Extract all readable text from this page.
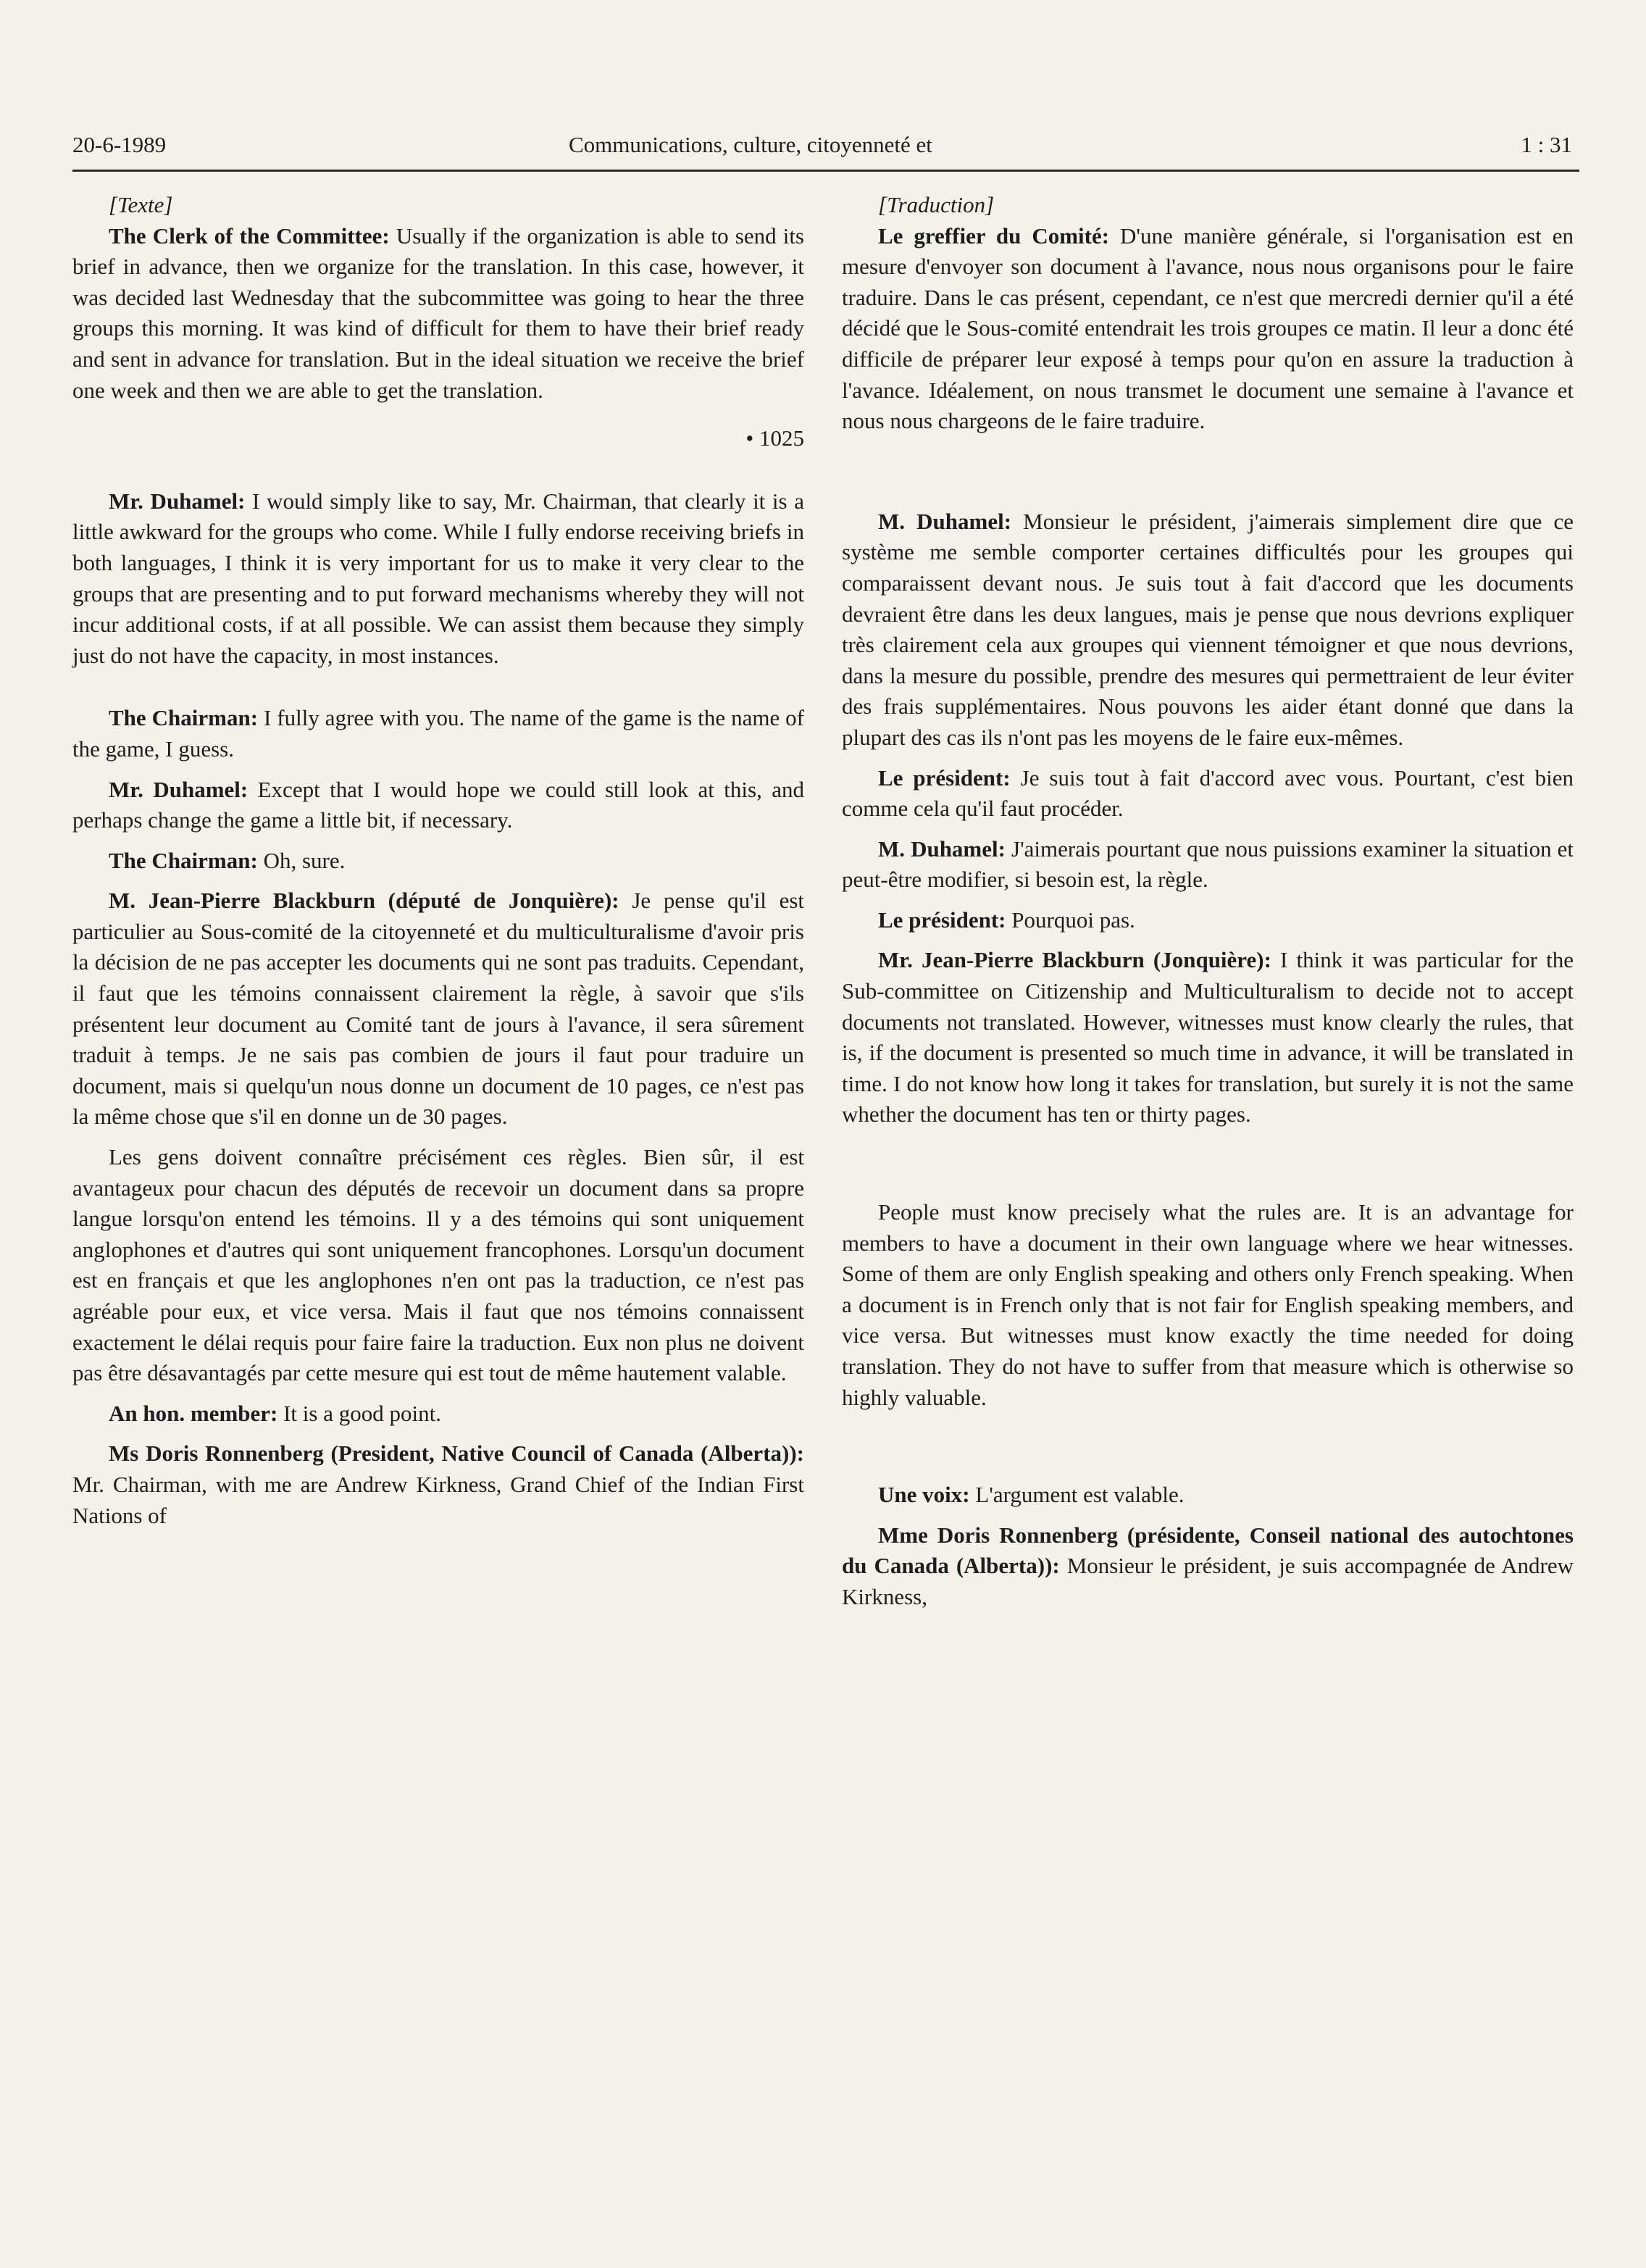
20-6-1989	Communications, culture, citoyenneté et	1 : 31

[Texte]

The Clerk of the Committee: Usually if the organization is able to send its brief in advance, then we organize for the translation. In this case, however, it was decided last Wednesday that the subcommittee was going to hear the three groups this morning. It was kind of difficult for them to have their brief ready and sent in advance for translation. But in the ideal situation we receive the brief one week and then we are able to get the translation.

• 1025

Mr. Duhamel: I would simply like to say, Mr. Chairman, that clearly it is a little awkward for the groups who come. While I fully endorse receiving briefs in both languages, I think it is very important for us to make it very clear to the groups that are presenting and to put forward mechanisms whereby they will not incur additional costs, if at all possible. We can assist them because they simply just do not have the capacity, in most instances.

The Chairman: I fully agree with you. The name of the game is the name of the game, I guess.

Mr. Duhamel: Except that I would hope we could still look at this, and perhaps change the game a little bit, if necessary.

The Chairman: Oh, sure.

M. Jean-Pierre Blackburn (député de Jonquière): Je pense qu'il est particulier au Sous-comité de la citoyenneté et du multiculturalisme d'avoir pris la décision de ne pas accepter les documents qui ne sont pas traduits. Cependant, il faut que les témoins connaissent clairement la règle, à savoir que s'ils présentent leur document au Comité tant de jours à l'avance, il sera sûrement traduit à temps. Je ne sais pas combien de jours il faut pour traduire un document, mais si quelqu'un nous donne un document de 10 pages, ce n'est pas la même chose que s'il en donne un de 30 pages.

Les gens doivent connaître précisément ces règles. Bien sûr, il est avantageux pour chacun des députés de recevoir un document dans sa propre langue lorsqu'on entend les témoins. Il y a des témoins qui sont uniquement anglophones et d'autres qui sont uniquement francophones. Lorsqu'un document est en français et que les anglophones n'en ont pas la traduction, ce n'est pas agréable pour eux, et vice versa. Mais il faut que nos témoins connaissent exactement le délai requis pour faire faire la traduction. Eux non plus ne doivent pas être désavantagés par cette mesure qui est tout de même hautement valable.

An hon. member: It is a good point.

Ms Doris Ronnenberg (President, Native Council of Canada (Alberta)): Mr. Chairman, with me are Andrew Kirkness, Grand Chief of the Indian First Nations of

[Traduction]

Le greffier du Comité: D'une manière générale, si l'organisation est en mesure d'envoyer son document à l'avance, nous nous organisons pour le faire traduire. Dans le cas présent, cependant, ce n'est que mercredi dernier qu'il a été décidé que le Sous-comité entendrait les trois groupes ce matin. Il leur a donc été difficile de préparer leur exposé à temps pour qu'on en assure la traduction à l'avance. Idéalement, on nous transmet le document une semaine à l'avance et nous nous chargeons de le faire traduire.

M. Duhamel: Monsieur le président, j'aimerais simplement dire que ce système me semble comporter certaines difficultés pour les groupes qui comparaissent devant nous. Je suis tout à fait d'accord que les documents devraient être dans les deux langues, mais je pense que nous devrions expliquer très clairement cela aux groupes qui viennent témoigner et que nous devrions, dans la mesure du possible, prendre des mesures qui permettraient de leur éviter des frais supplémentaires. Nous pouvons les aider étant donné que dans la plupart des cas ils n'ont pas les moyens de le faire eux-mêmes.

Le président: Je suis tout à fait d'accord avec vous. Pourtant, c'est bien comme cela qu'il faut procéder.

M. Duhamel: J'aimerais pourtant que nous puissions examiner la situation et peut-être modifier, si besoin est, la règle.

Le président: Pourquoi pas.

Mr. Jean-Pierre Blackburn (Jonquière): I think it was particular for the Sub-committee on Citizenship and Multiculturalism to decide not to accept documents not translated. However, witnesses must know clearly the rules, that is, if the document is presented so much time in advance, it will be translated in time. I do not know how long it takes for translation, but surely it is not the same whether the document has ten or thirty pages.

People must know precisely what the rules are. It is an advantage for members to have a document in their own language where we hear witnesses. Some of them are only English speaking and others only French speaking. When a document is in French only that is not fair for English speaking members, and vice versa. But witnesses must know exactly the time needed for doing translation. They do not have to suffer from that measure which is otherwise so highly valuable.

Une voix: L'argument est valable.

Mme Doris Ronnenberg (présidente, Conseil national des autochtones du Canada (Alberta)): Monsieur le président, je suis accompagnée de Andrew Kirkness,
